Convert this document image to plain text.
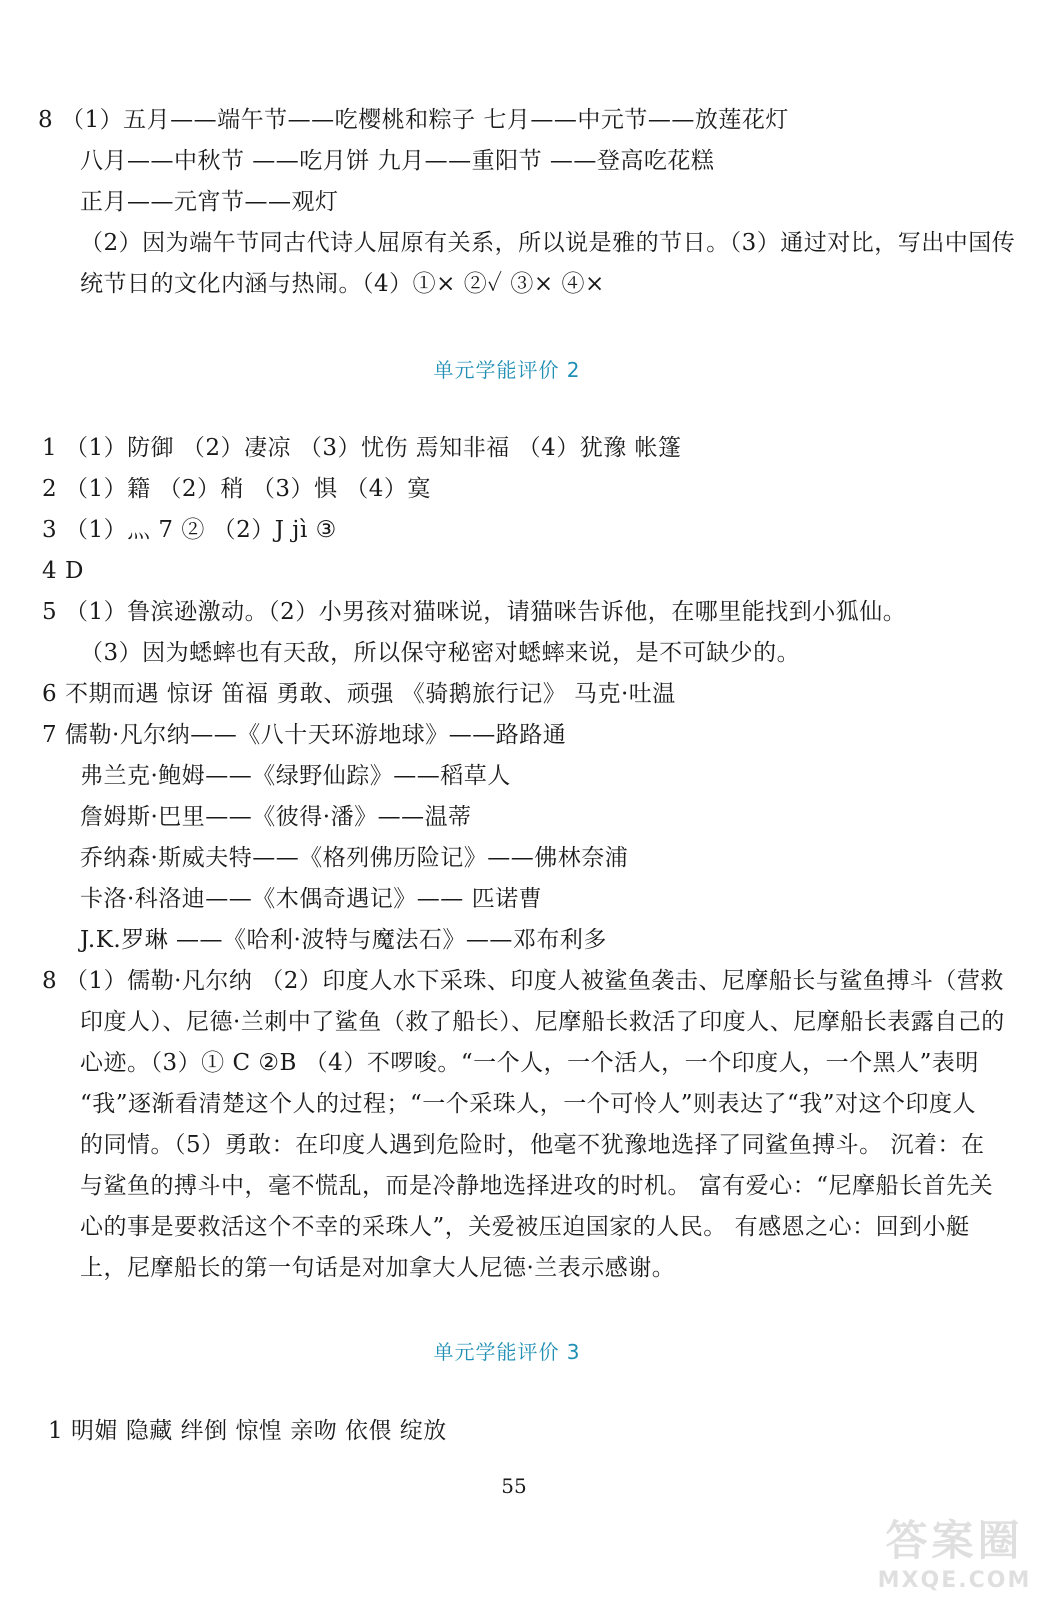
8 （1）五月——端午节——吃樱桃和粽子 七月——中元节——放莲花灯
八月——中秋节 ——吃月饼 九月——重阳节 ——登高吃花糕
正月——元宵节——观灯
（2）因为端午节同古代诗人屈原有关系，所以说是雅的节日。（3）通过对比，写出中国传
统节日的文化内涵与热闹。（4）①× ②✓ ③× ④×
单元学能评价 2
1 （1）防御 （2）凄凉 （3）忧伤 焉知非福 （4）犹豫 帐篷
2 （1）籍 （2）稍 （3）惧 （4）寞
3 （1）灬 7 ② （2）J jì ③
4 D
5 （1）鲁滨逊激动。（2）小男孩对猫咪说，请猫咪告诉他，在哪里能找到小狐仙。
（3）因为蟋蟀也有天敌，所以保守秘密对蟋蟀来说，是不可缺少的。
6 不期而遇 惊讶 笛福 勇敢、顽强 《骑鹅旅行记》 马克·吐温
7 儒勒·凡尔纳——《八十天环游地球》——路路通
弗兰克·鲍姆——《绿野仙踪》——稻草人
詹姆斯·巴里——《彼得·潘》——温蒂
乔纳森·斯威夫特——《格列佛历险记》——佛林奈浦
卡洛·科洛迪——《木偶奇遇记》—— 匹诺曹
J.K.罗琳 ——《哈利·波特与魔法石》——邓布利多
8 （1）儒勒·凡尔纳 （2）印度人水下采珠、印度人被鲨鱼袭击、尼摩船长与鲨鱼搏斗（营救
印度人）、尼德·兰刺中了鲨鱼（救了船长）、尼摩船长救活了印度人、尼摩船长表露自己的
心迹。（3）① C ②B （4）不啰唆。“一个人，一个活人，一个印度人，一个黑人”表明
“我”逐渐看清楚这个人的过程；“一个采珠人，一个可怜人”则表达了“我”对这个印度人
的同情。（5）勇敢：在印度人遇到危险时，他毫不犹豫地选择了同鲨鱼搏斗。 沉着：在
与鲨鱼的搏斗中，毫不慌乱，而是冷静地选择进攻的时机。 富有爱心：“尼摩船长首先关
心的事是要救活这个不幸的采珠人”，关爱被压迫国家的人民。 有感恩之心：回到小艇
上，尼摩船长的第一句话是对加拿大人尼德·兰表示感谢。
单元学能评价 3
1 明媚 隐藏 绊倒 惊惶 亲吻 依偎 绽放
55
答案圈
MXQE.COM
